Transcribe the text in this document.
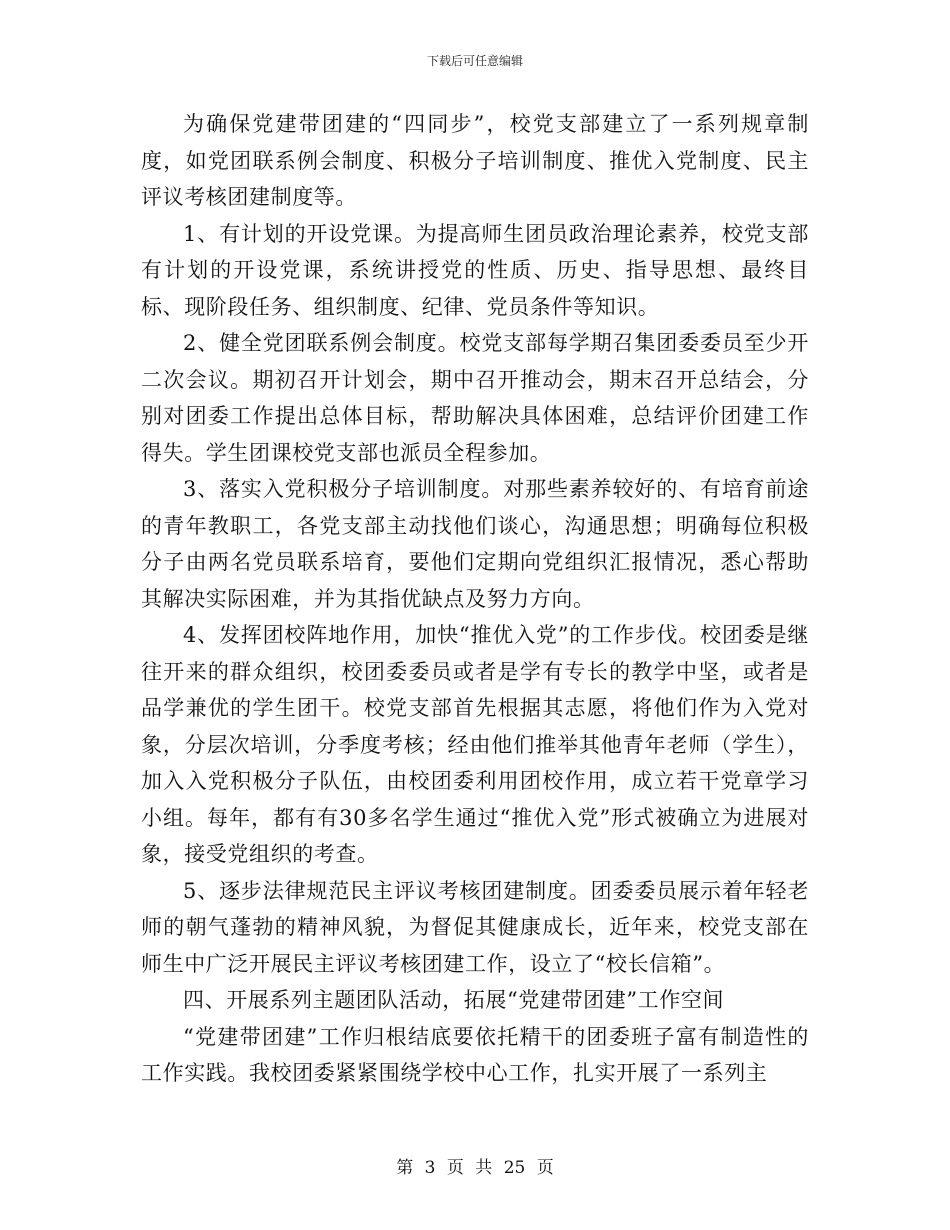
下载后可任意编辑

为确保党建带团建的“四同步”，校党支部建立了一系列规章制度，如党团联系例会制度、积极分子培训制度、推优入党制度、民主评议考核团建制度等。

1、有计划的开设党课。为提高师生团员政治理论素养，校党支部有计划的开设党课，系统讲授党的性质、历史、指导思想、最终目标、现阶段任务、组织制度、纪律、党员条件等知识。

2、健全党团联系例会制度。校党支部每学期召集团委委员至少开二次会议。期初召开计划会，期中召开推动会，期末召开总结会，分别对团委工作提出总体目标，帮助解决具体困难，总结评价团建工作得失。学生团课校党支部也派员全程参加。

3、落实入党积极分子培训制度。对那些素养较好的、有培育前途的青年教职工，各党支部主动找他们谈心，沟通思想；明确每位积极分子由两名党员联系培育，要他们定期向党组织汇报情况，悉心帮助其解决实际困难，并为其指优缺点及努力方向。

4、发挥团校阵地作用，加快“推优入党”的工作步伐。校团委是继往开来的群众组织，校团委委员或者是学有专长的教学中坚，或者是品学兼优的学生团干。校党支部首先根据其志愿，将他们作为入党对象，分层次培训，分季度考核；经由他们推举其他青年老师（学生），加入入党积极分子队伍，由校团委利用团校作用，成立若干党章学习小组。每年，都有有30多名学生通过“推优入党”形式被确立为进展对象，接受党组织的考查。

5、逐步法律规范民主评议考核团建制度。团委委员展示着年轻老师的朝气蓬勃的精神风貌，为督促其健康成长，近年来，校党支部在师生中广泛开展民主评议考核团建工作，设立了“校长信箱”。

四、开展系列主题团队活动，拓展“党建带团建”工作空间

“党建带团建”工作归根结底要依托精干的团委班子富有制造性的工作实践。我校团委紧紧围绕学校中心工作，扎实开展了一系列主

第 3 页 共 25 页
